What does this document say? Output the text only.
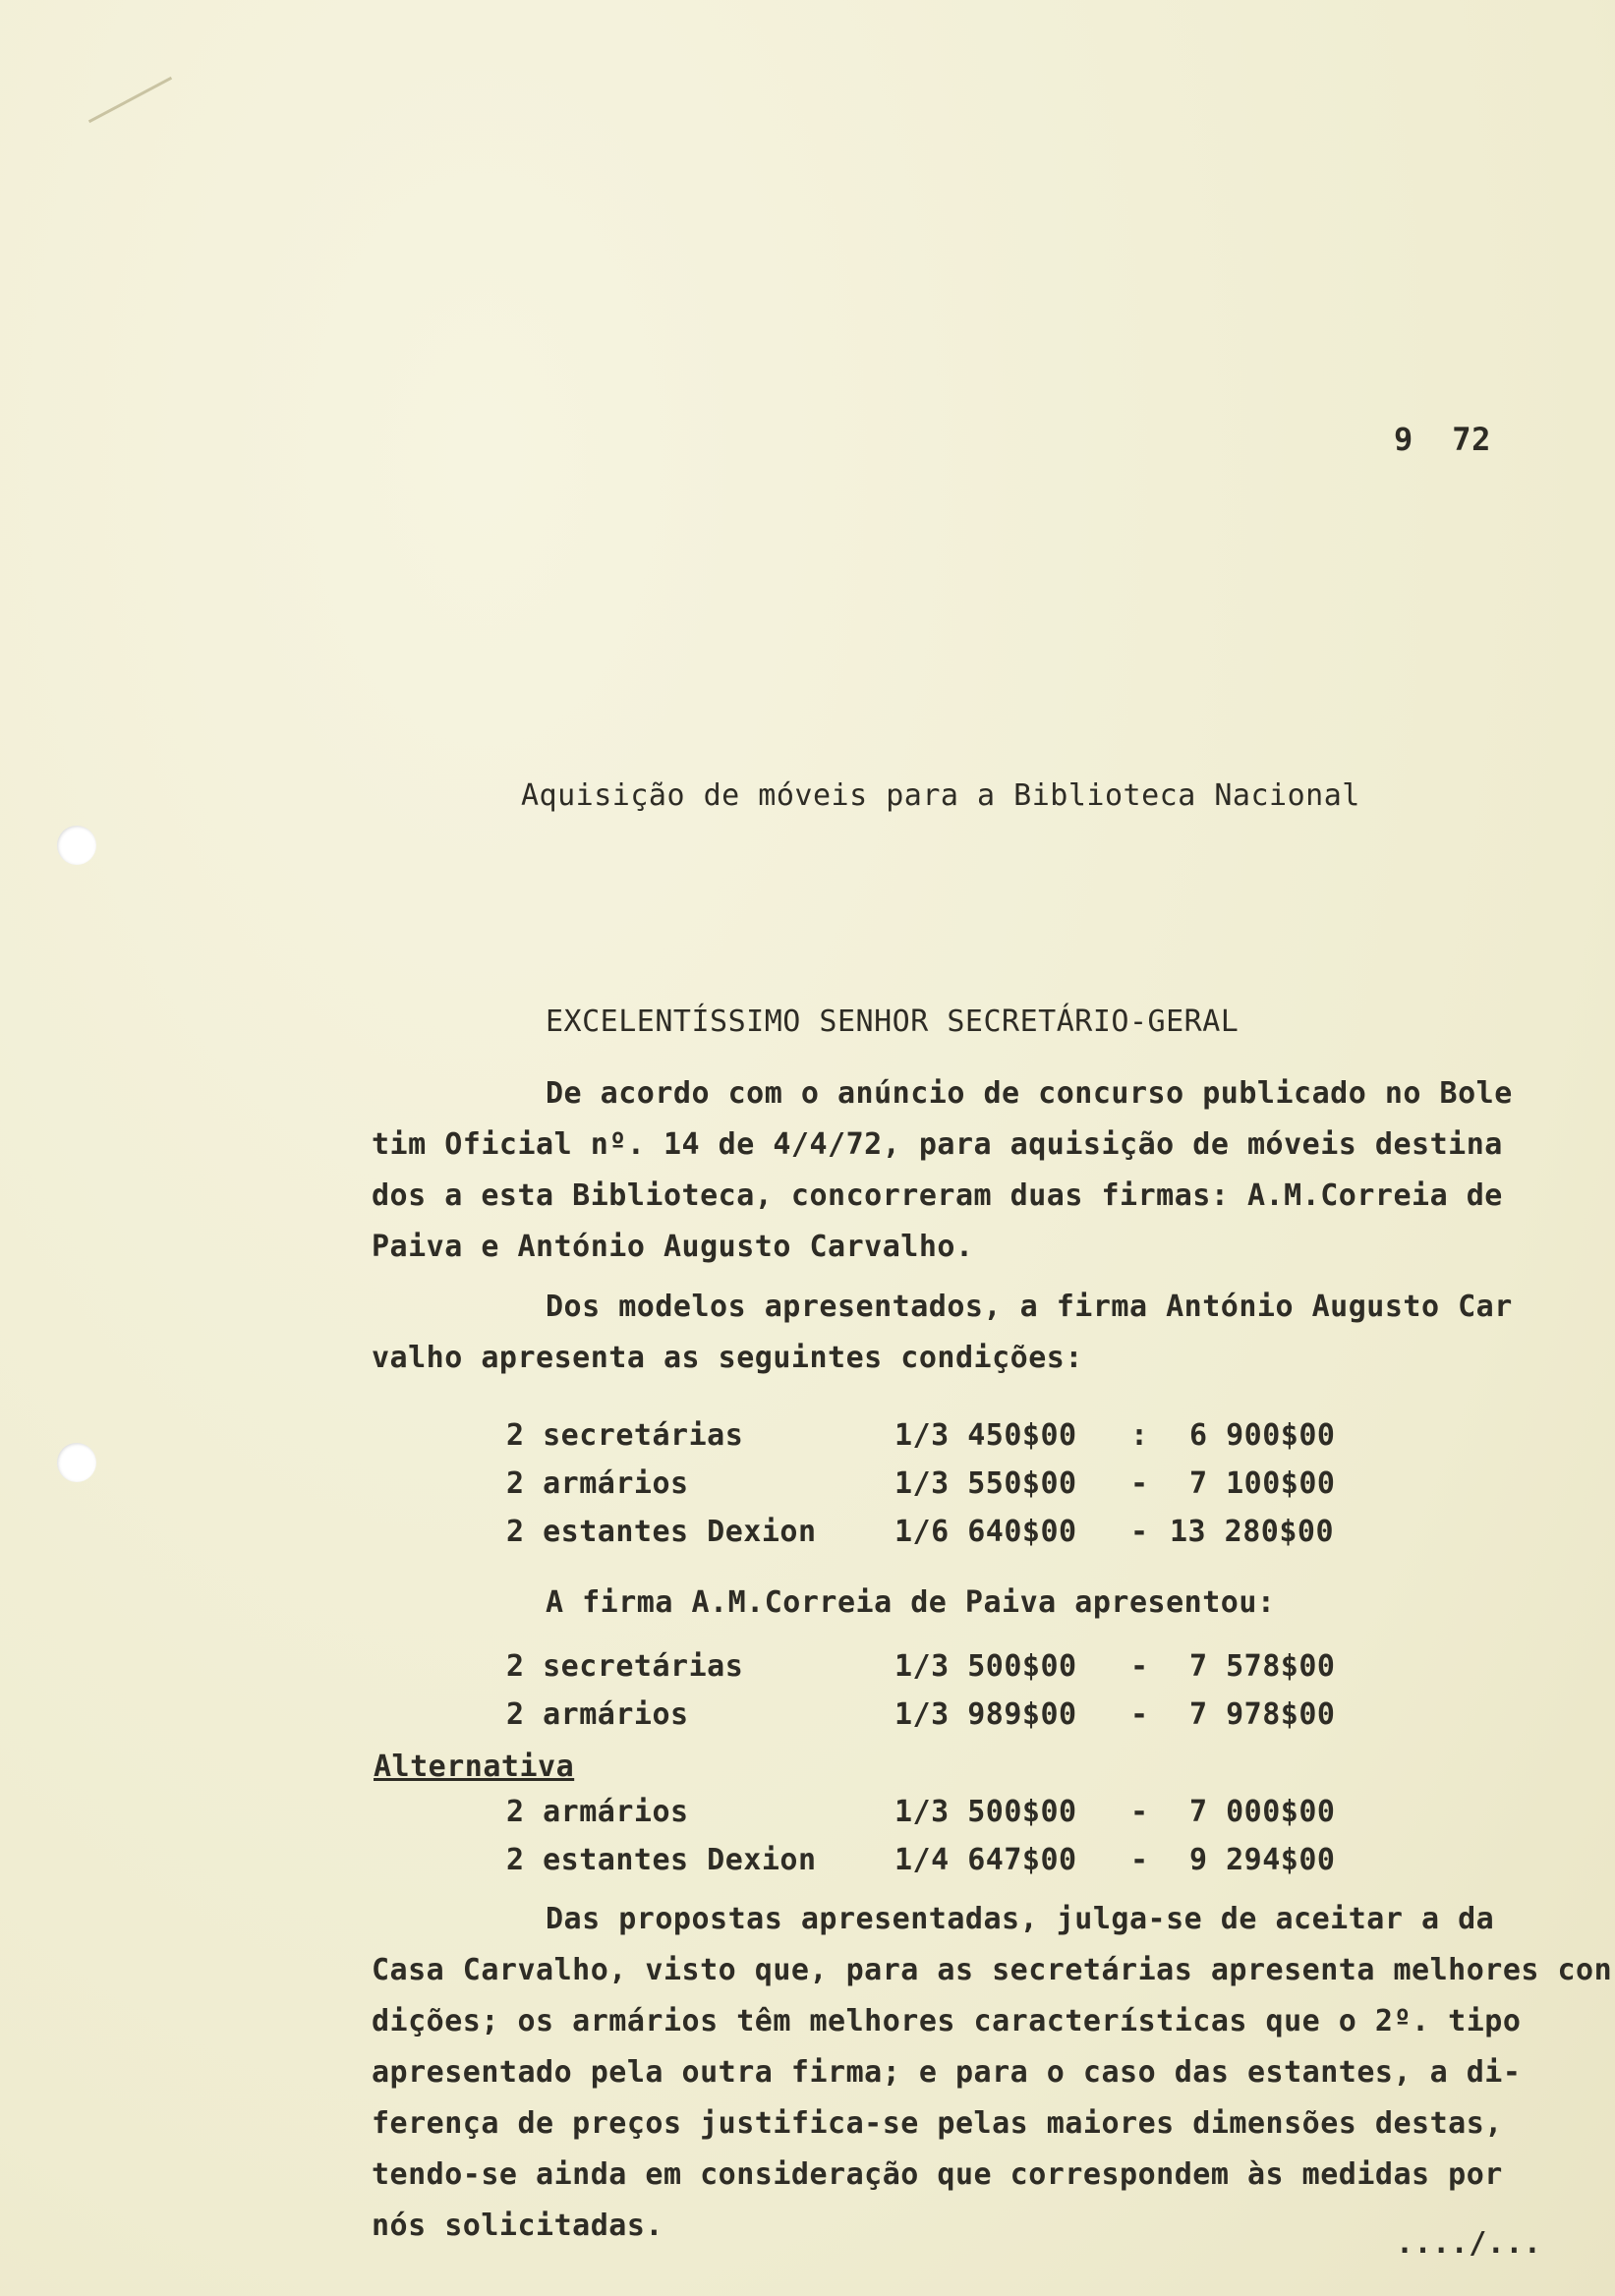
9  72
Aquisição de móveis para a Biblioteca Nacional
EXCELENTÍSSIMO SENHOR SECRETÁRIO-GERAL
De acordo com o anúncio de concurso publicado no Bole
tim Oficial nº. 14 de 4/4/72, para aquisição de móveis destina
dos a esta Biblioteca, concorreram duas firmas: A.M.Correia de
Paiva e António Augusto Carvalho.
Dos modelos apresentados, a firma António Augusto Car
valho apresenta as seguintes condições:
2 secretárias	1/3 450$00 : 6 900$00
2 armários	1/3 550$00 - 7 100$00
2 estantes Dexion	1/6 640$00 - 13 280$00
A firma A.M.Correia de Paiva apresentou:
2 secretárias	1/3 500$00 - 7 578$00
2 armários	1/3 989$00 - 7 978$00
Alternativa
2 armários	1/3 500$00 - 7 000$00
2 estantes Dexion	1/4 647$00 - 9 294$00
Das propostas apresentadas, julga-se de aceitar a da
Casa Carvalho, visto que, para as secretárias apresenta melhores con
dições; os armários têm melhores características que o 2º. tipo
apresentado pela outra firma; e para o caso das estantes, a di-
ferença de preços justifica-se pelas maiores dimensões destas,
tendo-se ainda em consideração que correspondem às medidas por
nós solicitadas.
..../...
